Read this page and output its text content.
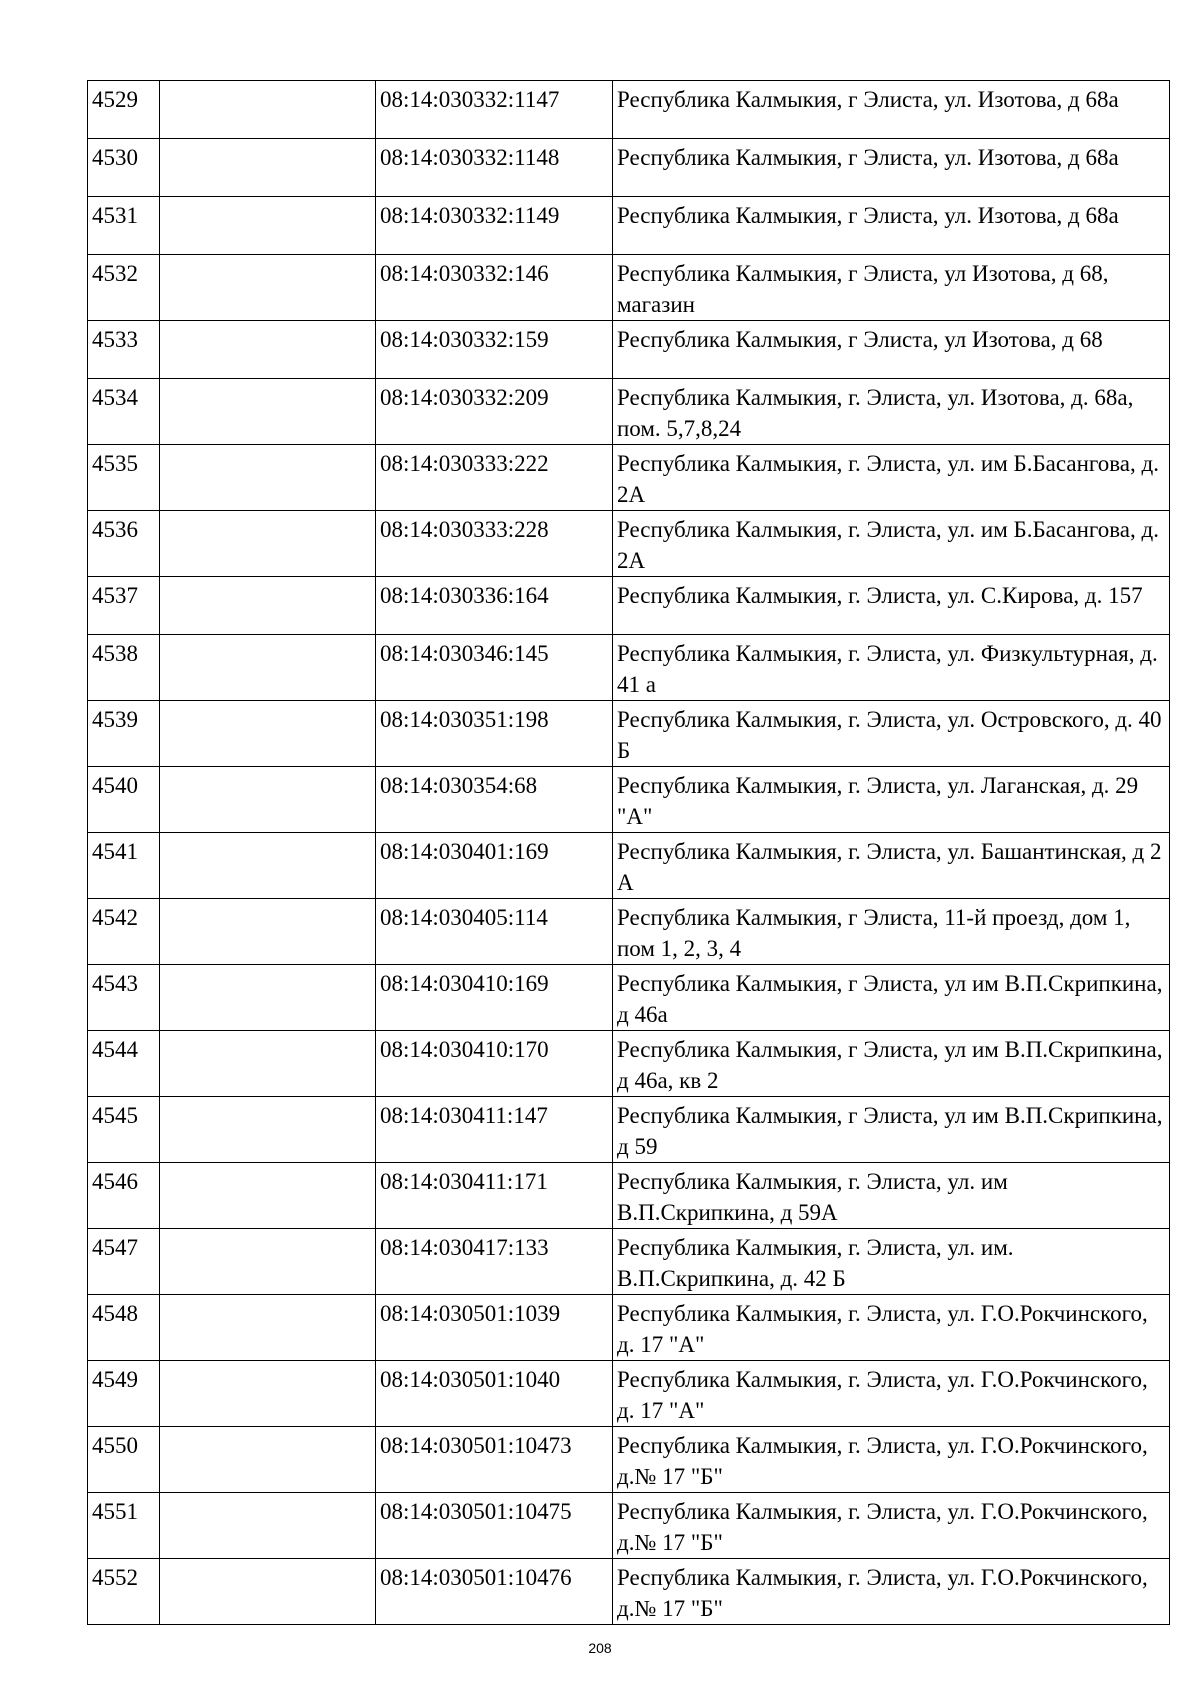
4529		08:14:030332:1147	Республика Калмыкия, г Элиста, ул. Изотова, д 68а
4530		08:14:030332:1148	Республика Калмыкия, г Элиста, ул. Изотова, д 68а
4531		08:14:030332:1149	Республика Калмыкия, г Элиста, ул. Изотова, д 68а
4532		08:14:030332:146	Республика Калмыкия, г Элиста, ул Изотова, д 68, магазин
4533		08:14:030332:159	Республика Калмыкия, г Элиста, ул Изотова, д 68
4534		08:14:030332:209	Республика Калмыкия, г. Элиста, ул. Изотова, д. 68а, пом. 5,7,8,24
4535		08:14:030333:222	Республика Калмыкия, г. Элиста, ул. им Б.Басангова, д. 2А
4536		08:14:030333:228	Республика Калмыкия, г. Элиста, ул. им Б.Басангова, д. 2А
4537		08:14:030336:164	Республика Калмыкия, г. Элиста, ул. С.Кирова, д. 157
4538		08:14:030346:145	Республика Калмыкия, г. Элиста, ул. Физкультурная, д. 41 а
4539		08:14:030351:198	Республика Калмыкия, г. Элиста, ул. Островского, д. 40 Б
4540		08:14:030354:68	Республика Калмыкия, г. Элиста, ул. Лаганская, д. 29 "А"
4541		08:14:030401:169	Республика Калмыкия, г. Элиста, ул. Башантинская, д 2 А
4542		08:14:030405:114	Республика Калмыкия, г Элиста, 11-й проезд, дом 1, пом 1, 2, 3, 4
4543		08:14:030410:169	Республика Калмыкия, г Элиста, ул им В.П.Скрипкина, д 46а
4544		08:14:030410:170	Республика Калмыкия, г Элиста, ул им В.П.Скрипкина, д 46а, кв 2
4545		08:14:030411:147	Республика Калмыкия, г Элиста, ул им В.П.Скрипкина, д 59
4546		08:14:030411:171	Республика Калмыкия, г. Элиста, ул. им В.П.Скрипкина, д 59А
4547		08:14:030417:133	Республика Калмыкия, г. Элиста, ул. им. В.П.Скрипкина, д. 42 Б
4548		08:14:030501:1039	Республика Калмыкия, г. Элиста, ул. Г.О.Рокчинского, д. 17 "А"
4549		08:14:030501:1040	Республика Калмыкия, г. Элиста, ул. Г.О.Рокчинского, д. 17 "А"
4550		08:14:030501:10473	Республика Калмыкия, г. Элиста, ул. Г.О.Рокчинского, д.№ 17 "Б"
4551		08:14:030501:10475	Республика Калмыкия, г. Элиста, ул. Г.О.Рокчинского, д.№ 17 "Б"
4552		08:14:030501:10476	Республика Калмыкия, г. Элиста, ул. Г.О.Рокчинского, д.№ 17 "Б"
208
